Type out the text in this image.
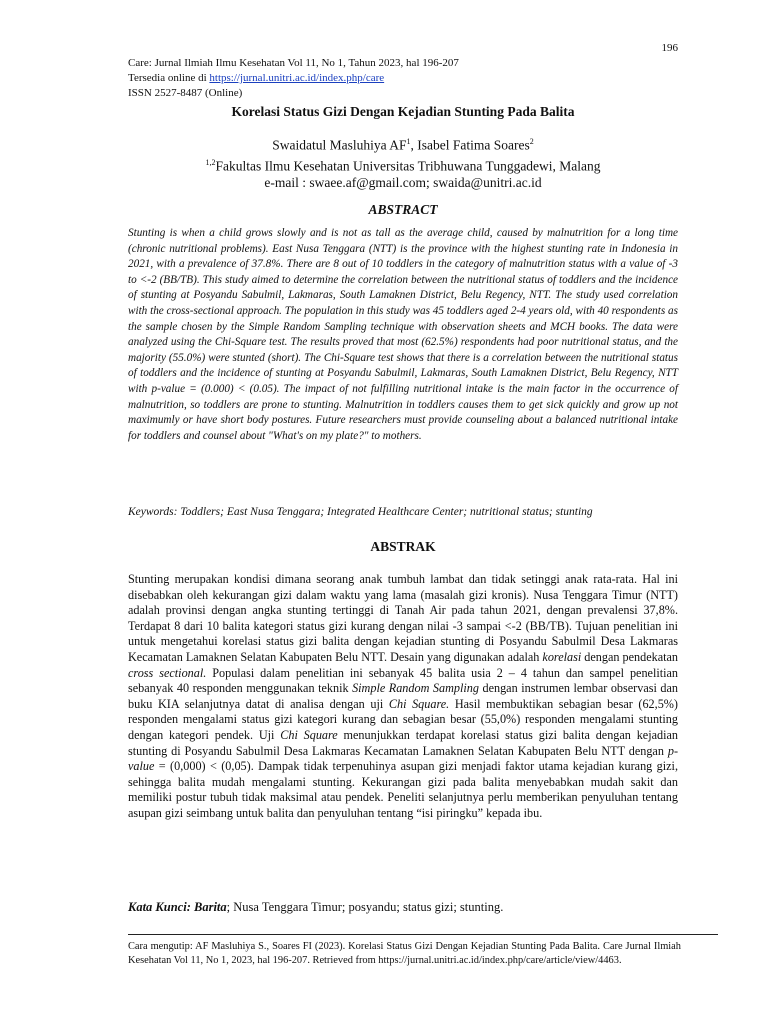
196
Care: Jurnal Ilmiah Ilmu Kesehatan Vol 11, No 1, Tahun 2023, hal 196-207
Tersedia online di https://jurnal.unitri.ac.id/index.php/care
ISSN 2527-8487 (Online)
Korelasi Status Gizi Dengan Kejadian Stunting Pada Balita
Swaidatul Masluhiya $AF^1$, Isabel Fatima Soares$^2$
$^{1,2}$Fakultas Ilmu Kesehatan Universitas Tribhuwana Tunggadewi, Malang
e-mail : swaee.af@gmail.com; swaida@unitri.ac.id
ABSTRACT
Stunting is when a child grows slowly and is not as tall as the average child, caused by malnutrition for a long time (chronic nutritional problems). East Nusa Tenggara (NTT) is the province with the highest stunting rate in Indonesia in 2021, with a prevalence of 37.8%. There are 8 out of 10 toddlers in the category of malnutrition status with a value of -3 to <-2 (BB/TB). This study aimed to determine the correlation between the nutritional status of toddlers and the incidence of stunting at Posyandu Sabulmil, Lakmaras, South Lamaknen District, Belu Regency, NTT. The study used correlation with the cross-sectional approach. The population in this study was 45 toddlers aged 2-4 years old, with 40 respondents as the sample chosen by the Simple Random Sampling technique with observation sheets and MCH books. The data were analyzed using the Chi-Square test. The results proved that most (62.5%) respondents had poor nutritional status, and the majority (55.0%) were stunted (short). The Chi-Square test shows that there is a correlation between the nutritional status of toddlers and the incidence of stunting at Posyandu Sabulmil, Lakmaras, South Lamaknen District, Belu Regency, NTT with p-value = (0.000) < (0.05). The impact of not fulfilling nutritional intake is the main factor in the occurrence of malnutrition, so toddlers are prone to stunting. Malnutrition in toddlers causes them to get sick quickly and grow up not maximumly or have short body postures. Future researchers must provide counseling about a balanced nutritional intake for toddlers and counsel about "What's on my plate?" to mothers.
Keywords: Toddlers; East Nusa Tenggara; Integrated Healthcare Center; nutritional status; stunting
ABSTRAK

Stunting merupakan kondisi dimana seorang anak tumbuh lambat dan tidak setinggi anak rata-rata. Hal ini disebabkan oleh kekurangan gizi dalam waktu yang lama (masalah gizi kronis). Nusa Tenggara Timur (NTT) adalah provinsi dengan angka stunting tertinggi di Tanah Air pada tahun 2021, dengan prevalensi 37,8%. Terdapat 8 dari 10 balita kategori status gizi kurang dengan nilai -3 sampai <-2 (BB/TB). Tujuan penelitian ini untuk mengetahui korelasi status gizi balita dengan kejadian stunting di Posyandu Sabulmil Desa Lakmaras Kecamatan Lamaknen Selatan Kabupaten Belu NTT. Desain yang digunakan adalah korelasi dengan pendekatan cross sectional. Populasi dalam penelitian ini sebanyak 45 balita usia 2 – 4 tahun dan sampel penelitian sebanyak 40 responden menggunakan teknik Simple Random Sampling dengan instrumen lembar observasi dan buku KIA selanjutnya datat di analisa dengan uji Chi Square. Hasil membuktikan sebagian besar (62,5%) responden mengalami status gizi kategori kurang dan sebagian besar (55,0%) responden mengalami stunting dengan kategori pendek. Uji Chi Square menunjukkan terdapat korelasi status gizi balita dengan kejadian stunting di Posyandu Sabulmil Desa Lakmaras Kecamatan Lamaknen Selatan Kabupaten Belu NTT dengan p-value = (0,000) < (0,05). Dampak tidak terpenuhinya asupan gizi menjadi faktor utama kejadian kurang gizi, sehingga balita mudah mengalami stunting. Kekurangan gizi pada balita menyebabkan mudah sakit dan memiliki postur tubuh tidak maksimal atau pendek. Peneliti selanjutnya perlu memberikan penyuluhan tentang asupan gizi seimbang untuk balita dan penyuluhan tentang “isi piringku” kepada ibu.

Kata Kunci: Barita; Nusa Tenggara Timur; posyandu; status gizi; stunting.
Cara mengutip: AF Masluhiya S., Soares FI (2023). Korelasi Status Gizi Dengan Kejadian Stunting Pada Balita. Care Jurnal Ilmiah Kesehatan Vol 11, No 1, 2023, hal 196-207. Retrieved from https://jurnal.unitri.ac.id/index.php/care/article/view/4463.
